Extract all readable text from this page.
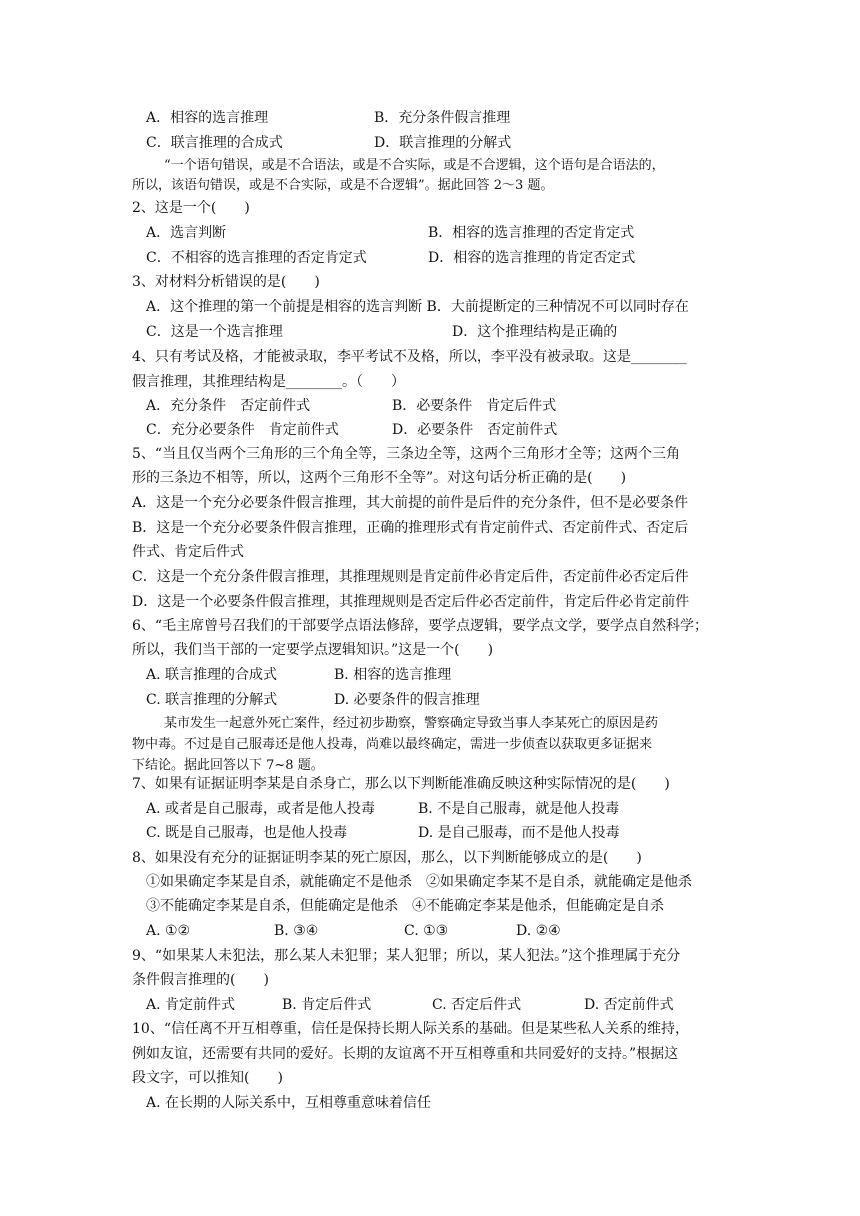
A．相容的选言推理	B．充分条件假言推理
C．联言推理的合成式	D．联言推理的分解式
“一个语句错误，或是不合语法，或是不合实际，或是不合逻辑，这个语句是合语法的，
所以，该语句错误，或是不合实际，或是不合逻辑”。据此回答 2～3 题。
2、这是一个(　　)
A．选言判断	B．相容的选言推理的否定肯定式
C．不相容的选言推理的否定肯定式	D．相容的选言推理的肯定否定式
3、对材料分析错误的是(　　)
A．这个推理的第一个前提是相容的选言判断 B．大前提断定的三种情况不可以同时存在
C．这是一个选言推理	D．这个推理结构是正确的
4、只有考试及格，才能被录取，李平考试不及格，所以，李平没有被录取。这是________
假言推理，其推理结构是________。（　　）
A．充分条件　否定前件式	B．必要条件　肯定后件式
C．充分必要条件　肯定前件式	D．必要条件　否定前件式
5、“当且仅当两个三角形的三个角全等，三条边全等，这两个三角形才全等；这两个三角
形的三条边不相等，所以，这两个三角形不全等”。对这句话分析正确的是(　　)
A．这是一个充分必要条件假言推理，其大前提的前件是后件的充分条件，但不是必要条件
B．这是一个充分必要条件假言推理，正确的推理形式有肯定前件式、否定前件式、否定后
件式、肯定后件式
C．这是一个充分条件假言推理，其推理规则是肯定前件必肯定后件，否定前件必否定后件
D．这是一个必要条件假言推理，其推理规则是否定后件必否定前件，肯定后件必肯定前件
6、“毛主席曾号召我们的干部要学点语法修辞，要学点逻辑，要学点文学，要学点自然科学；
所以，我们当干部的一定要学点逻辑知识。”这是一个(　　)
A. 联言推理的合成式	B. 相容的选言推理
C. 联言推理的分解式	D. 必要条件的假言推理
某市发生一起意外死亡案件，经过初步勘察，警察确定导致当事人李某死亡的原因是药
物中毒。不过是自己服毒还是他人投毒，尚难以最终确定，需进一步侦查以获取更多证据来
下结论。据此回答以下 7~8 题。
7、如果有证据证明李某是自杀身亡，那么以下判断能准确反映这种实际情况的是(　　)
A. 或者是自己服毒，或者是他人投毒	B. 不是自己服毒，就是他人投毒
C. 既是自己服毒，也是他人投毒	D. 是自己服毒，而不是他人投毒
8、如果没有充分的证据证明李某的死亡原因，那么，以下判断能够成立的是(　　)
①如果确定李某是自杀，就能确定不是他杀　②如果确定李某不是自杀，就能确定是他杀
③不能确定李某是自杀，但能确定是他杀　④不能确定李某是他杀，但能确定是自杀
A. ①②	B. ③④	C. ①③	D. ②④
9、“如果某人未犯法，那么某人未犯罪；某人犯罪；所以，某人犯法。”这个推理属于充分
条件假言推理的(　　)
A. 肯定前件式	B. 肯定后件式	C. 否定后件式	D. 否定前件式
10、“信任离不开互相尊重，信任是保持长期人际关系的基础。但是某些私人关系的维持，
例如友谊，还需要有共同的爱好。长期的友谊离不开互相尊重和共同爱好的支持。”根据这
段文字，可以推知(　　)
A. 在长期的人际关系中，互相尊重意味着信任
